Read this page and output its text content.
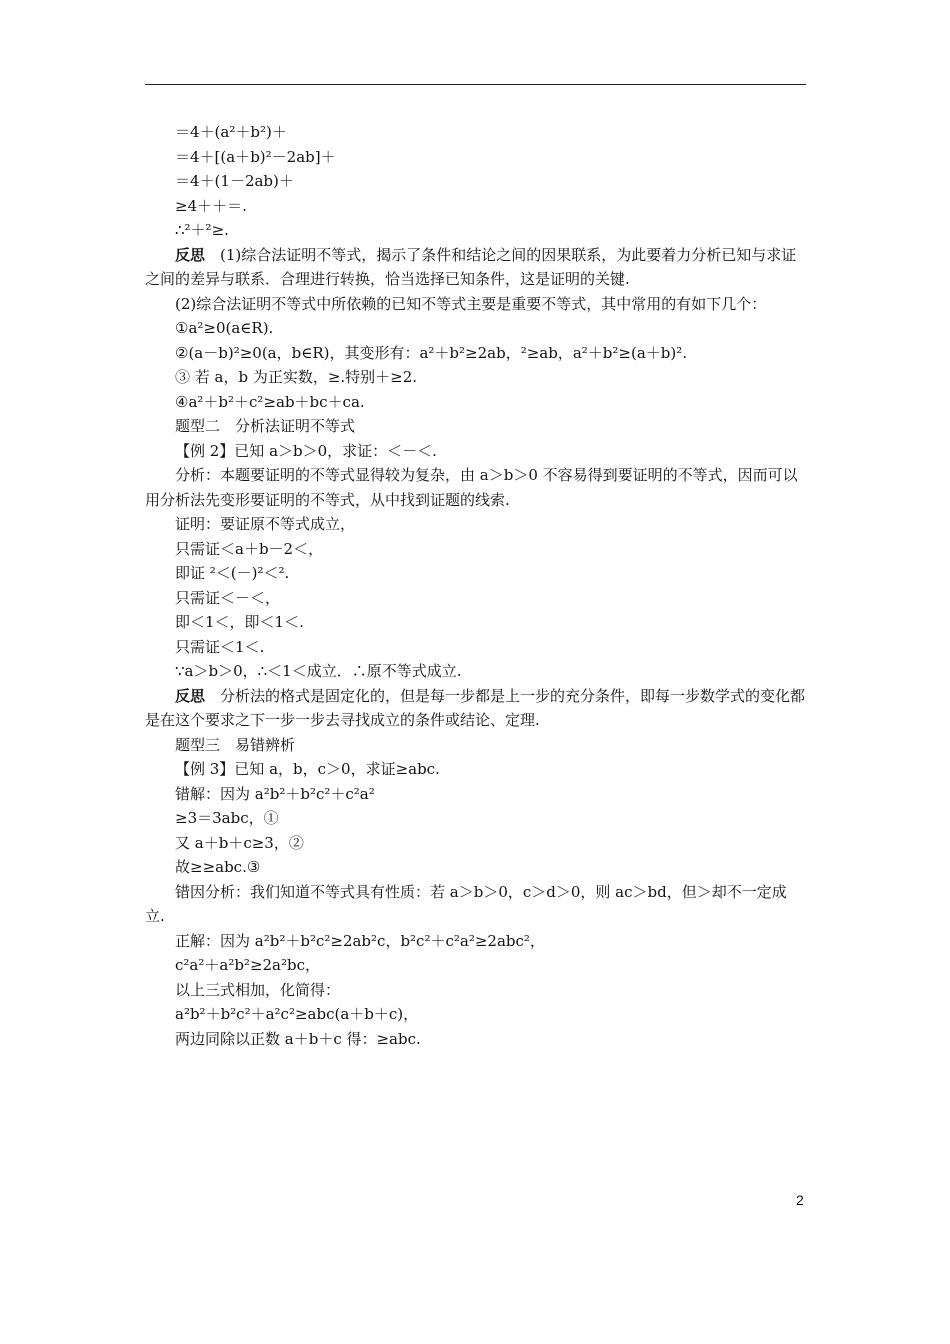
＝4＋(a²＋b²)＋
＝4＋[(a＋b)²－2ab]＋
＝4＋(1－2ab)＋
≥4＋＋＝.
∴²＋²≥.
反思　(1)综合法证明不等式，揭示了条件和结论之间的因果联系，为此要着力分析已知与求证之间的差异与联系．合理进行转换，恰当选择已知条件，这是证明的关键.
(2)综合法证明不等式中所依赖的已知不等式主要是重要不等式，其中常用的有如下几个：
①a²≥0(a∈R).
②(a－b)²≥0(a，b∈R)，其变形有：a²＋b²≥2ab，²≥ab，a²＋b²≥(a＋b)².
③ 若 a，b 为正实数，≥.特别＋≥2.
④a²＋b²＋c²≥ab＋bc＋ca.
题型二　分析法证明不等式
【例 2】已知 a＞b＞0，求证：＜－＜.
分析：本题要证明的不等式显得较为复杂，由 a＞b＞0 不容易得到要证明的不等式，因而可以用分析法先变形要证明的不等式，从中找到证题的线索.
证明：要证原不等式成立，
只需证＜a＋b－2＜，
即证 ²＜(－)²＜².
只需证＜－＜，
即＜1＜，即＜1＜.
只需证＜1＜.
∵a＞b＞0，∴＜1＜成立．∴原不等式成立.
反思　分析法的格式是固定化的，但是每一步都是上一步的充分条件，即每一步数学式的变化都是在这个要求之下一步一步去寻找成立的条件或结论、定理.
题型三　易错辨析
【例 3】已知 a，b，c＞0，求证≥abc.
错解：因为 a²b²＋b²c²＋c²a²
≥3＝3abc，①
又 a＋b＋c≥3，②
故≥≥abc.③
错因分析：我们知道不等式具有性质：若 a＞b＞0，c＞d＞0，则 ac＞bd，但＞却不一定成立.
正解：因为 a²b²＋b²c²≥2ab²c，b²c²＋c²a²≥2abc²，
c²a²＋a²b²≥2a²bc，
以上三式相加，化简得：
a²b²＋b²c²＋a²c²≥abc(a＋b＋c)，
两边同除以正数 a＋b＋c 得：≥abc.
2
